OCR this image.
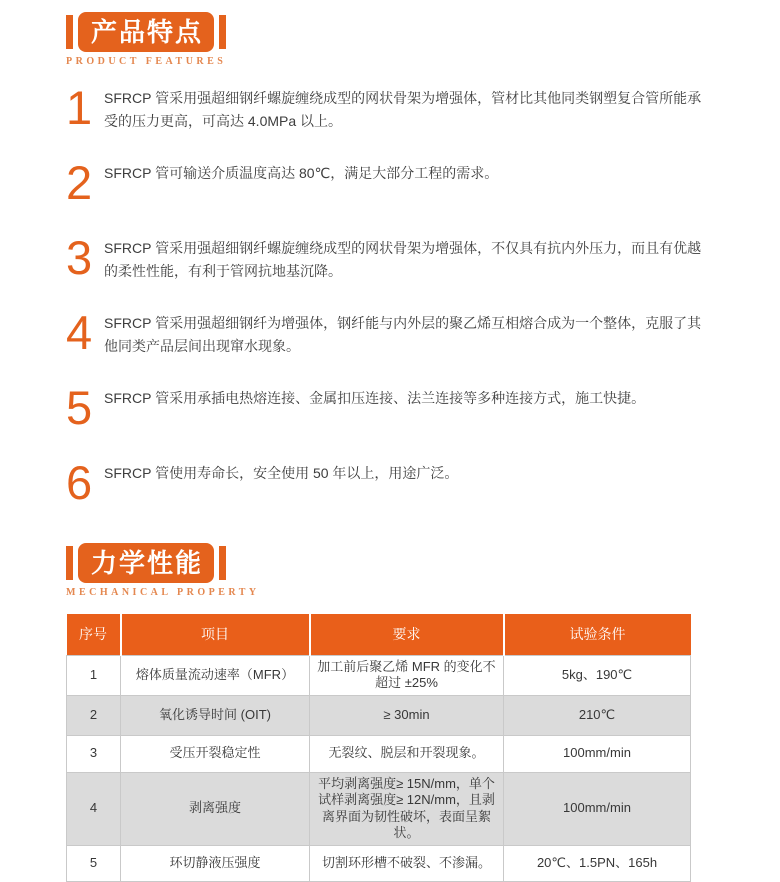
产品特点
PRODUCT FEATURES
1 SFRCP 管采用强超细钢纤螺旋缠绕成型的网状骨架为增强体，管材比其他同类钢塑复合管所能承受的压力更高，可高达 4.0MPa 以上。
2 SFRCP 管可输送介质温度高达 80℃，满足大部分工程的需求。
3 SFRCP 管采用强超细钢纤螺旋缠绕成型的网状骨架为增强体，不仅具有抗内外压力，而且有优越的柔性性能，有利于管网抗地基沉降。
4 SFRCP 管采用强超细钢纤为增强体，钢纤能与内外层的聚乙烯互相熔合成为一个整体，克服了其他同类产品层间出现窜水现象。
5 SFRCP 管采用承插电热熔连接、金属扣压连接、法兰连接等多种连接方式，施工快捷。
6 SFRCP 管使用寿命长，安全使用 50 年以上，用途广泛。
力学性能
MECHANICAL PROPERTY
序号	项目	要求	试验条件
1	熔体质量流动速率（MFR）	加工前后聚乙烯 MFR 的变化不超过 ±25%	5kg、190℃
2	氧化诱导时间 (OIT)	≥ 30min	210℃
3	受压开裂稳定性	无裂纹、脱层和开裂现象。	100mm/min
4	剥离强度	平均剥离强度≥ 15N/mm，单个试样剥离强度≥ 12N/mm，且剥离界面为韧性破坏，表面呈絮状。	100mm/min
5	环切静液压强度	切割环形槽不破裂、不渗漏。	20℃、1.5PN、165h
